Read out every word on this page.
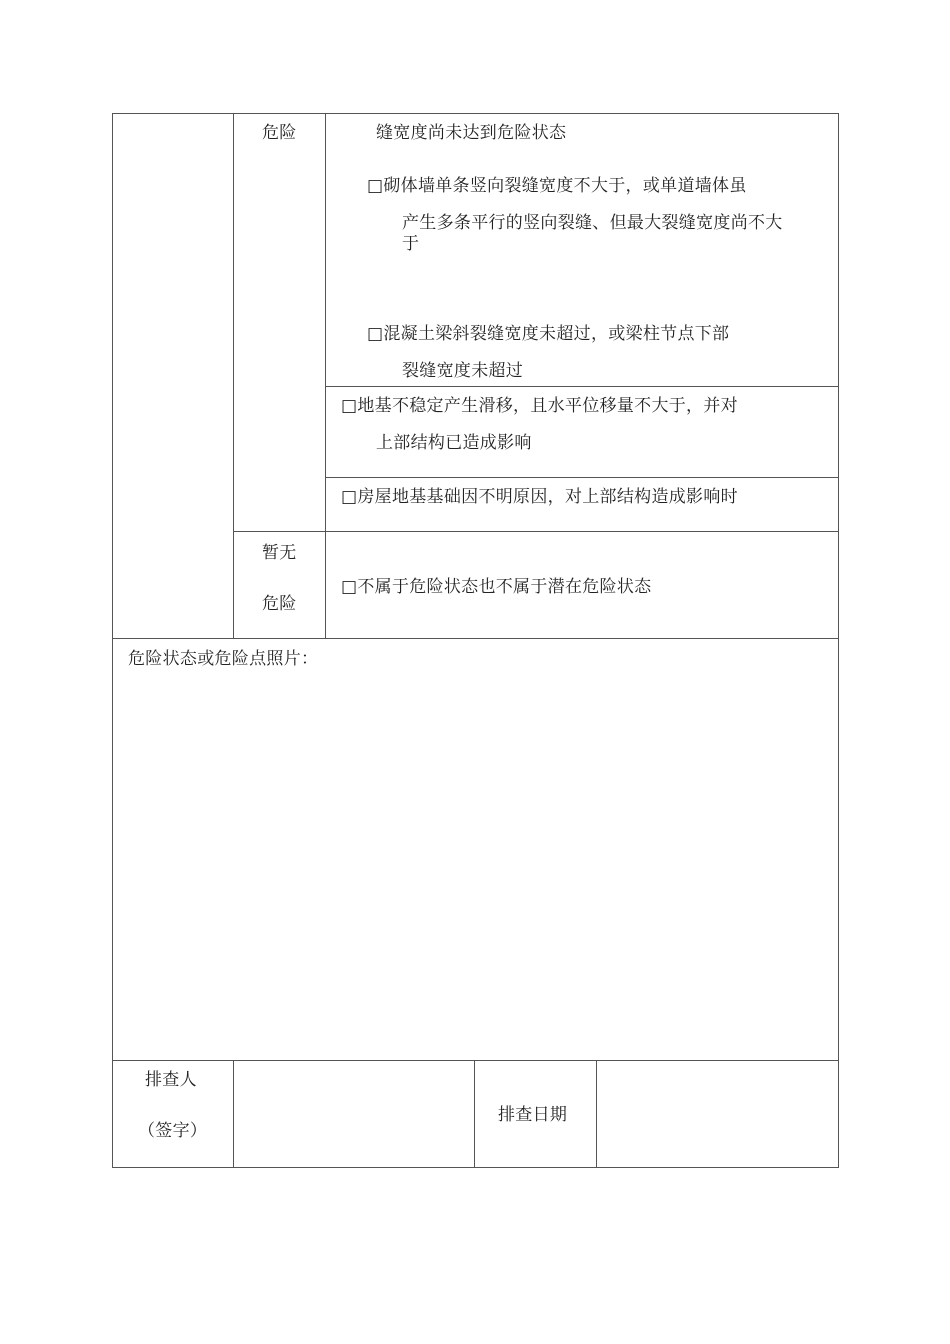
危险	缝宽度尚未达到危险状态
□砌体墙单条竖向裂缝宽度不大于，或单道墙体虽
产生多条平行的竖向裂缝、但最大裂缝宽度尚不大
于
□混凝土梁斜裂缝宽度未超过，或梁柱节点下部
裂缝宽度未超过
□地基不稳定产生滑移，且水平位移量不大于，并对
上部结构已造成影响
□房屋地基基础因不明原因，对上部结构造成影响时
暂无
危险
□不属于危险状态也不属于潜在危险状态
危险状态或危险点照片：
排查人
（签字）
排查日期
